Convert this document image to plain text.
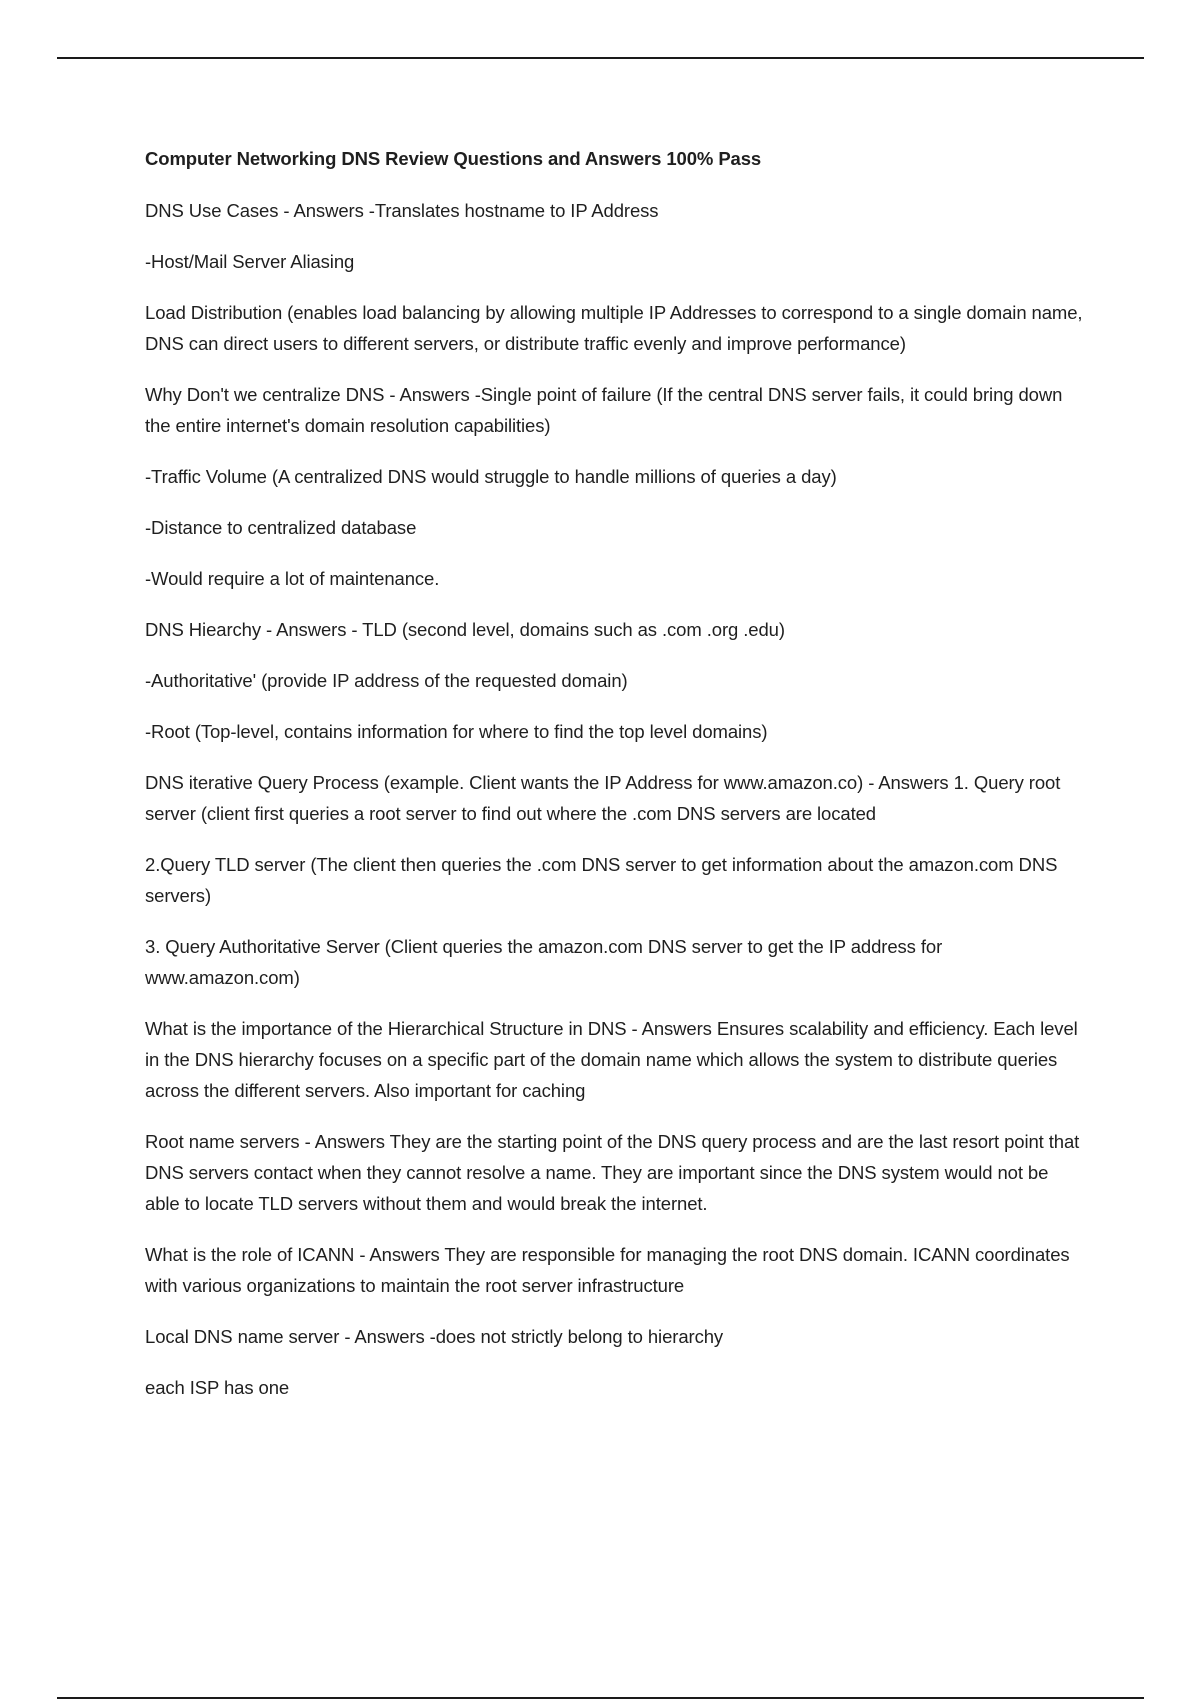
Computer Networking DNS Review Questions and Answers 100% Pass

DNS Use Cases - Answers -Translates hostname to IP Address

-Host/Mail Server Aliasing

Load Distribution (enables load balancing by allowing multiple IP Addresses to correspond to a single domain name, DNS can direct users to different servers, or distribute traffic evenly and improve performance)

Why Don't we centralize DNS - Answers -Single point of failure (If the central DNS server fails, it could bring down the entire internet's domain resolution capabilities)

-Traffic Volume (A centralized DNS would struggle to handle millions of queries a day)

-Distance to centralized database

-Would require a lot of maintenance.

DNS Hiearchy - Answers - TLD (second level, domains such as .com .org .edu)

-Authoritative' (provide IP address of the requested domain)

-Root (Top-level, contains information for where to find the top level domains)

DNS iterative Query Process (example. Client wants the IP Address for www.amazon.co) - Answers 1. Query root server (client first queries a root server to find out where the .com DNS servers are located

2.Query TLD server (The client then queries the .com DNS server to get information about the amazon.com DNS servers)

3. Query Authoritative Server (Client queries the amazon.com DNS server to get the IP address for www.amazon.com)

What is the importance of the Hierarchical Structure in DNS - Answers Ensures scalability and efficiency. Each level in the DNS hierarchy focuses on a specific part of the domain name which allows the system to distribute queries across the different servers. Also important for caching

Root name servers - Answers They are the starting point of the DNS query process and are the last resort point that DNS servers contact when they cannot resolve a name. They are important since the DNS system would not be able to locate TLD servers without them and would break the internet.

What is the role of ICANN - Answers They are responsible for managing the root DNS domain. ICANN coordinates with various organizations to maintain the root server infrastructure

Local DNS name server - Answers -does not strictly belong to hierarchy

each ISP has one
